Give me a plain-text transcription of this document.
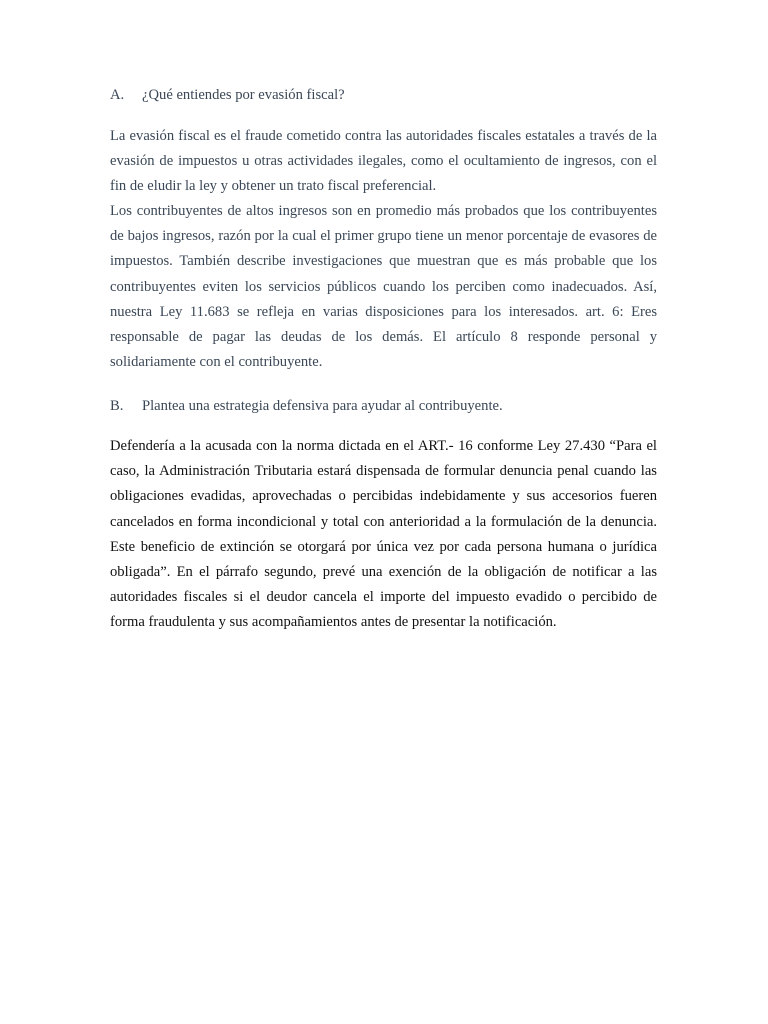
A. ¿Qué entiendes por evasión fiscal?

La evasión fiscal es el fraude cometido contra las autoridades fiscales estatales a través de la evasión de impuestos u otras actividades ilegales, como el ocultamiento de ingresos, con el fin de eludir la ley y obtener un trato fiscal preferencial.

Los contribuyentes de altos ingresos son en promedio más probados que los contribuyentes de bajos ingresos, razón por la cual el primer grupo tiene un menor porcentaje de evasores de impuestos. También describe investigaciones que muestran que es más probable que los contribuyentes eviten los servicios públicos cuando los perciben como inadecuados. Así, nuestra Ley 11.683 se refleja en varias disposiciones para los interesados. art. 6: Eres responsable de pagar las deudas de los demás. El artículo 8 responde personal y solidariamente con el contribuyente.

B. Plantea una estrategia defensiva para ayudar al contribuyente.

Defendería a la acusada con la norma dictada en el ART.- 16 conforme Ley 27.430 “Para el caso, la Administración Tributaria estará dispensada de formular denuncia penal cuando las obligaciones evadidas, aprovechadas o percibidas indebidamente y sus accesorios fueren cancelados en forma incondicional y total con anterioridad a la formulación de la denuncia. Este beneficio de extinción se otorgará por única vez por cada persona humana o jurídica obligada”. En el párrafo segundo, prevé una exención de la obligación de notificar a las autoridades fiscales si el deudor cancela el importe del impuesto evadido o percibido de forma fraudulenta y sus acompañamientos antes de presentar la notificación.
